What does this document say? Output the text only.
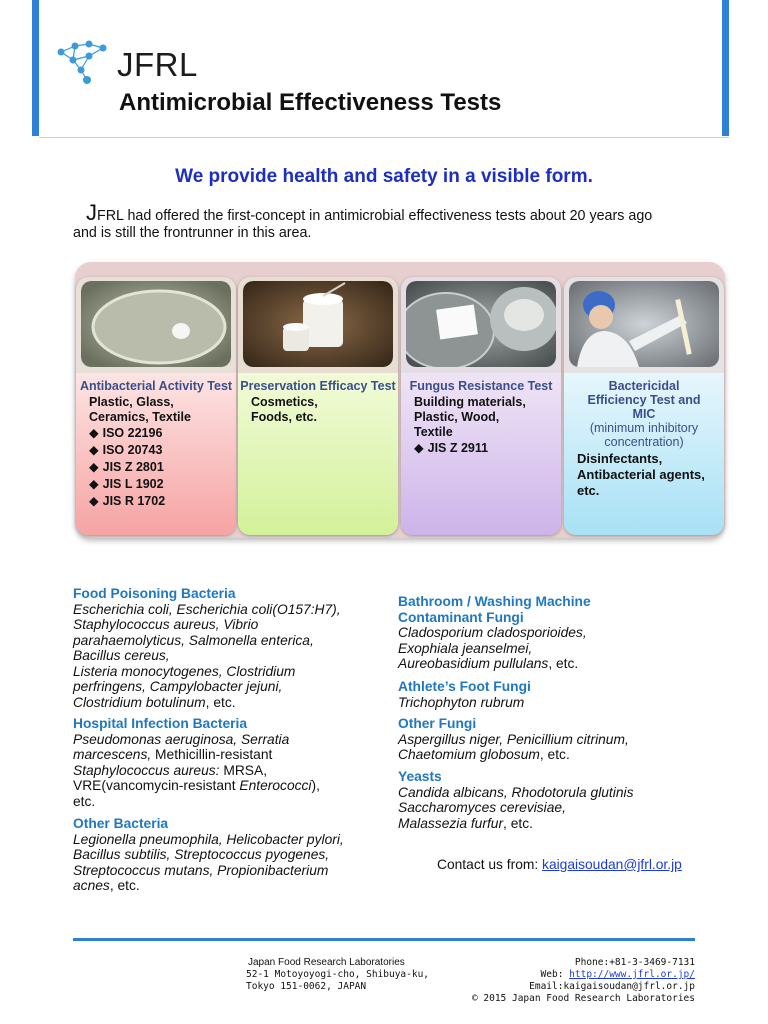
JFRL
Antimicrobial Effectiveness Tests
We provide health and safety in a visible form.
JFRL had offered the first-concept in antimicrobial effectiveness tests about 20 years ago
and is still the frontrunner in this area.
Antibacterial Activity Test
Plastic, Glass,
Ceramics, Textile
◆ ISO 22196
◆ ISO 20743
◆ JIS Z 2801
◆ JIS L 1902
◆ JIS R 1702
Preservation Efficacy Test
Cosmetics,
Foods, etc.
Fungus Resistance Test
Building materials,
Plastic, Wood,
Textile
◆ JIS Z 2911
Bactericidal
Efficiency Test and
MIC
(minimum inhibitory
concentration)
Disinfectants,
Antibacterial agents,
etc.
Food Poisoning Bacteria
Escherichia coli, Escherichia coli(O157:H7),
Staphylococcus aureus, Vibrio
parahaemolyticus, Salmonella enterica,
Bacillus cereus,
Listeria monocytogenes, Clostridium
perfringens, Campylobacter jejuni,
Clostridium botulinum, etc.
Hospital Infection Bacteria
Pseudomonas aeruginosa, Serratia
marcescens, Methicillin-resistant
Staphylococcus aureus: MRSA,
VRE(vancomycin-resistant Enterococci),
etc.
Other Bacteria
Legionella pneumophila, Helicobacter pylori,
Bacillus subtilis, Streptococcus pyogenes,
Streptococcus mutans, Propionibacterium
acnes, etc.
Bathroom / Washing Machine
Contaminant Fungi
Cladosporium cladosporioides,
Exophiala jeanselmei,
Aureobasidium pullulans, etc.
Athlete’s Foot Fungi
Trichophyton rubrum
Other Fungi
Aspergillus niger, Penicillium citrinum,
Chaetomium globosum, etc.
Yeasts
Candida albicans, Rhodotorula glutinis
Saccharomyces cerevisiae,
Malassezia furfur, etc.
Contact us from: kaigaisoudan@jfrl.or.jp
Japan Food Research Laboratories
52-1 Motoyoyogi-cho, Shibuya-ku,
Tokyo 151-0062, JAPAN
Phone:+81-3-3469-7131
Web: http://www.jfrl.or.jp/
Email:kaigaisoudan@jfrl.or.jp
© 2015 Japan Food Research Laboratories
